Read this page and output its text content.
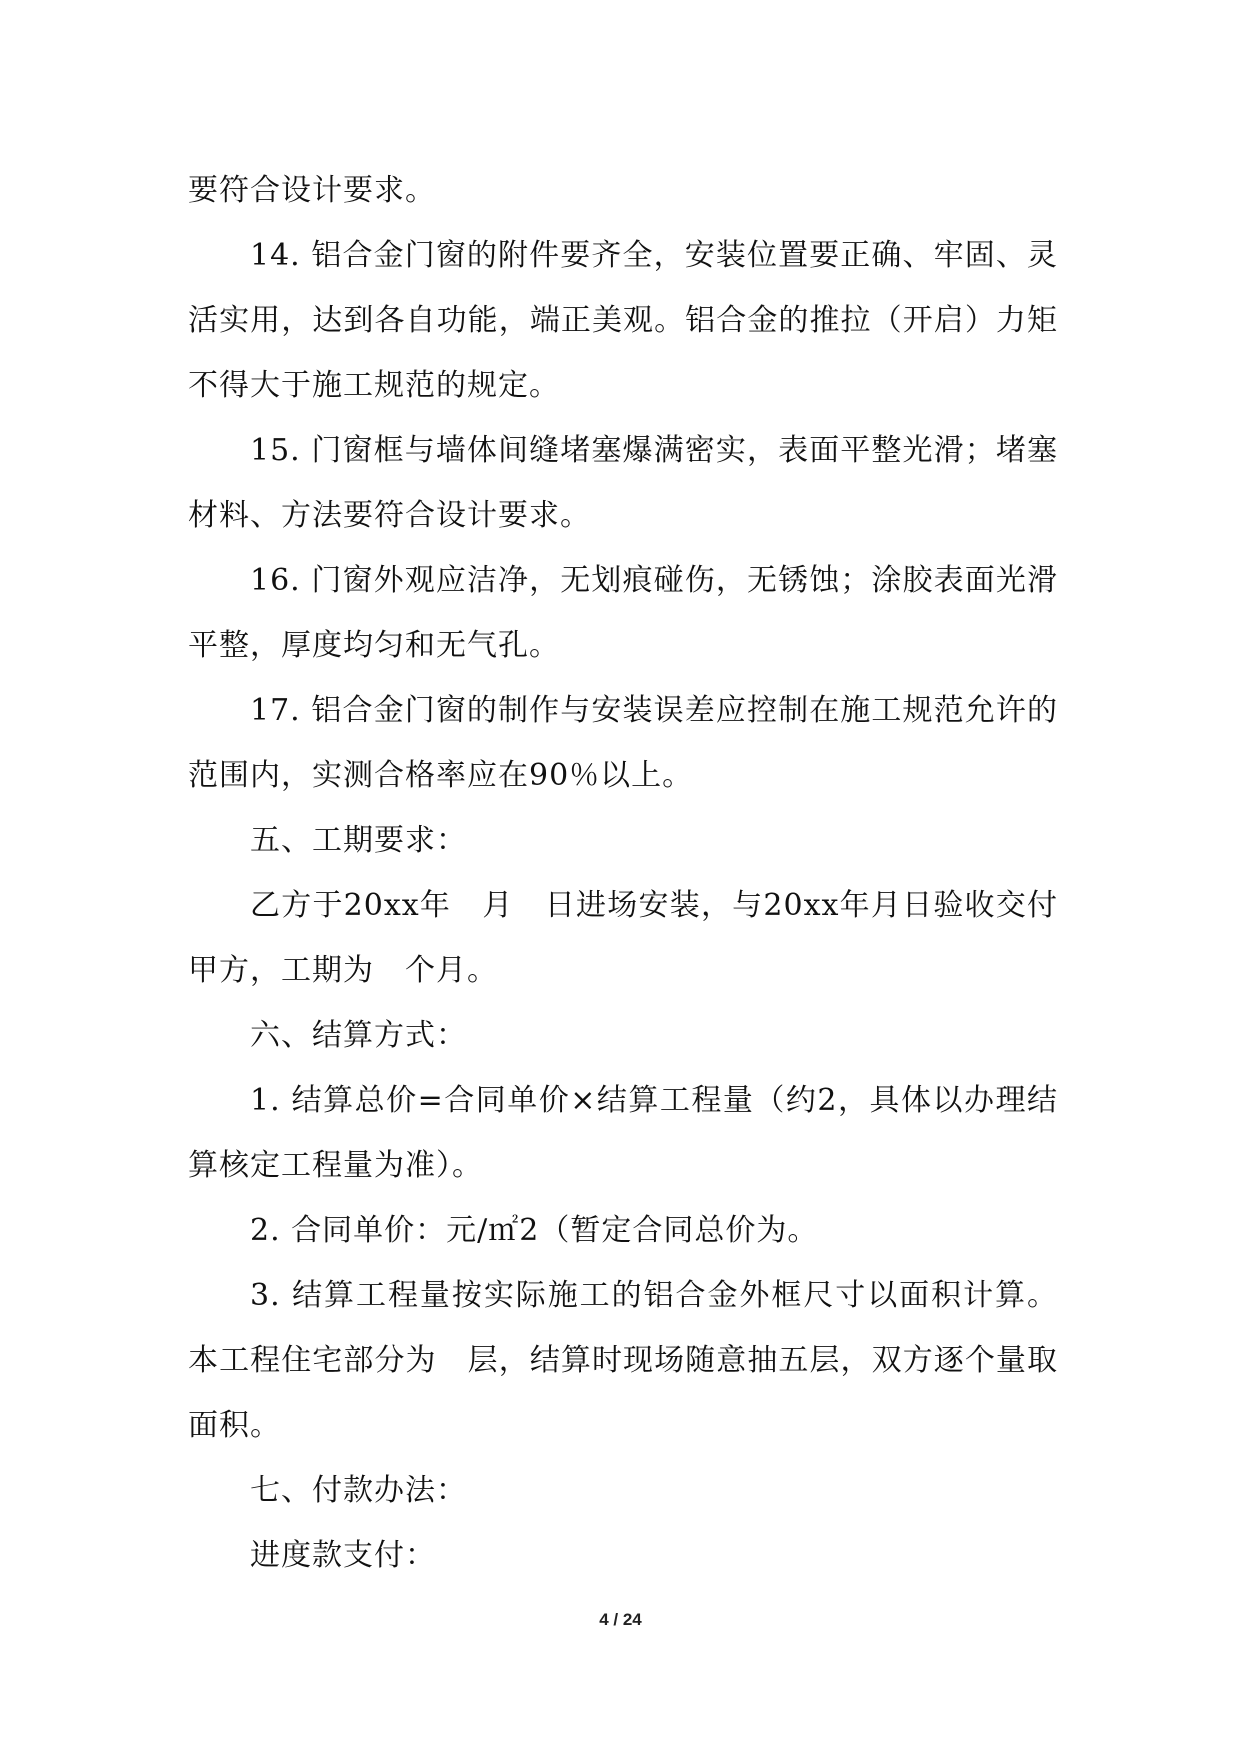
要符合设计要求。

14. 铝合金门窗的附件要齐全，安装位置要正确、牢固、灵活实用，达到各自功能，端正美观。铝合金的推拉（开启）力矩不得大于施工规范的规定。

15. 门窗框与墙体间缝堵塞爆满密实，表面平整光滑；堵塞材料、方法要符合设计要求。

16. 门窗外观应洁净，无划痕碰伤，无锈蚀；涂胶表面光滑平整，厚度均匀和无气孔。

17. 铝合金门窗的制作与安装误差应控制在施工规范允许的范围内，实测合格率应在90％以上。

五、工期要求：

乙方于20xx年　月　日进场安装，与20xx年月日验收交付甲方，工期为　个月。

六、结算方式：

1. 结算总价=合同单价×结算工程量（约2，具体以办理结算核定工程量为准）。

2. 合同单价：元/㎡2（暂定合同总价为。

3. 结算工程量按实际施工的铝合金外框尺寸以面积计算。本工程住宅部分为　层，结算时现场随意抽五层，双方逐个量取面积。

七、付款办法：

进度款支付：

4 / 24
